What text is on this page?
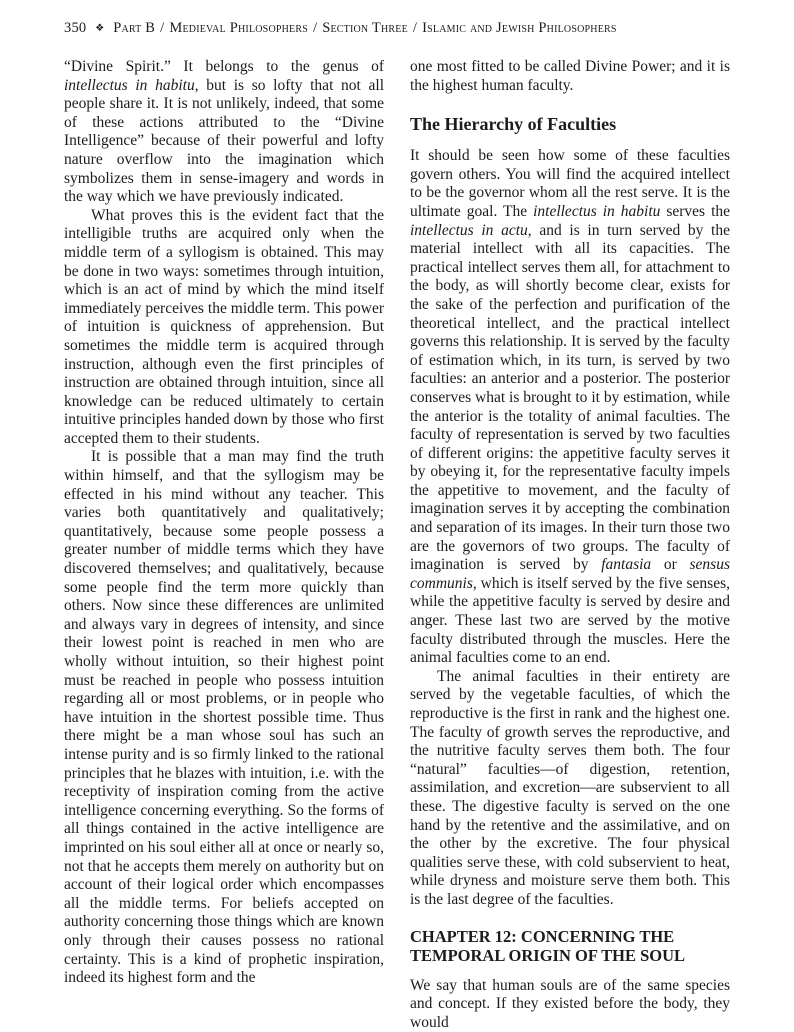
350 ❖ Part B / Medieval Philosophers / Section Three / Islamic and Jewish Philosophers

“Divine Spirit.” It belongs to the genus of intellectus in habitu, but is so lofty that not all people share it. It is not unlikely, indeed, that some of these actions attributed to the “Divine Intelligence” because of their powerful and lofty nature overflow into the imagination which symbolizes them in sense-imagery and words in the way which we have previously indicated.

What proves this is the evident fact that the intelligible truths are acquired only when the middle term of a syllogism is obtained. This may be done in two ways: sometimes through intuition, which is an act of mind by which the mind itself immediately perceives the middle term. This power of intuition is quickness of apprehension. But sometimes the middle term is acquired through instruction, although even the first principles of instruction are obtained through intuition, since all knowledge can be reduced ultimately to certain intuitive principles handed down by those who first accepted them to their students.

It is possible that a man may find the truth within himself, and that the syllogism may be effected in his mind without any teacher. This varies both quantitatively and qualitatively; quantitatively, because some people possess a greater number of middle terms which they have discovered themselves; and qualitatively, because some people find the term more quickly than others. Now since these differences are unlimited and always vary in degrees of intensity, and since their lowest point is reached in men who are wholly without intuition, so their highest point must be reached in people who possess intuition regarding all or most problems, or in people who have intuition in the shortest possible time. Thus there might be a man whose soul has such an intense purity and is so firmly linked to the rational principles that he blazes with intuition, i.e. with the receptivity of inspiration coming from the active intelligence concerning everything. So the forms of all things contained in the active intelligence are imprinted on his soul either all at once or nearly so, not that he accepts them merely on authority but on account of their logical order which encompasses all the middle terms. For beliefs accepted on authority concerning those things which are known only through their causes possess no rational certainty. This is a kind of prophetic inspiration, indeed its highest form and the

one most fitted to be called Divine Power; and it is the highest human faculty.

The Hierarchy of Faculties

It should be seen how some of these faculties govern others. You will find the acquired intellect to be the governor whom all the rest serve. It is the ultimate goal. The intellectus in habitu serves the intellectus in actu, and is in turn served by the material intellect with all its capacities. The practical intellect serves them all, for attachment to the body, as will shortly become clear, exists for the sake of the perfection and purification of the theoretical intellect, and the practical intellect governs this relationship. It is served by the faculty of estimation which, in its turn, is served by two faculties: an anterior and a posterior. The posterior conserves what is brought to it by estimation, while the anterior is the totality of animal faculties. The faculty of representation is served by two faculties of different origins: the appetitive faculty serves it by obeying it, for the representative faculty impels the appetitive to movement, and the faculty of imagination serves it by accepting the combination and separation of its images. In their turn those two are the governors of two groups. The faculty of imagination is served by fantasia or sensus communis, which is itself served by the five senses, while the appetitive faculty is served by desire and anger. These last two are served by the motive faculty distributed through the muscles. Here the animal faculties come to an end.

The animal faculties in their entirety are served by the vegetable faculties, of which the reproductive is the first in rank and the highest one. The faculty of growth serves the reproductive, and the nutritive faculty serves them both. The four “natural” faculties—of digestion, retention, assimilation, and excretion—are subservient to all these. The digestive faculty is served on the one hand by the retentive and the assimilative, and on the other by the excretive. The four physical qualities serve these, with cold subservient to heat, while dryness and moisture serve them both. This is the last degree of the faculties.

CHAPTER 12: CONCERNING THE
TEMPORAL ORIGIN OF THE SOUL

We say that human souls are of the same species and concept. If they existed before the body, they would
